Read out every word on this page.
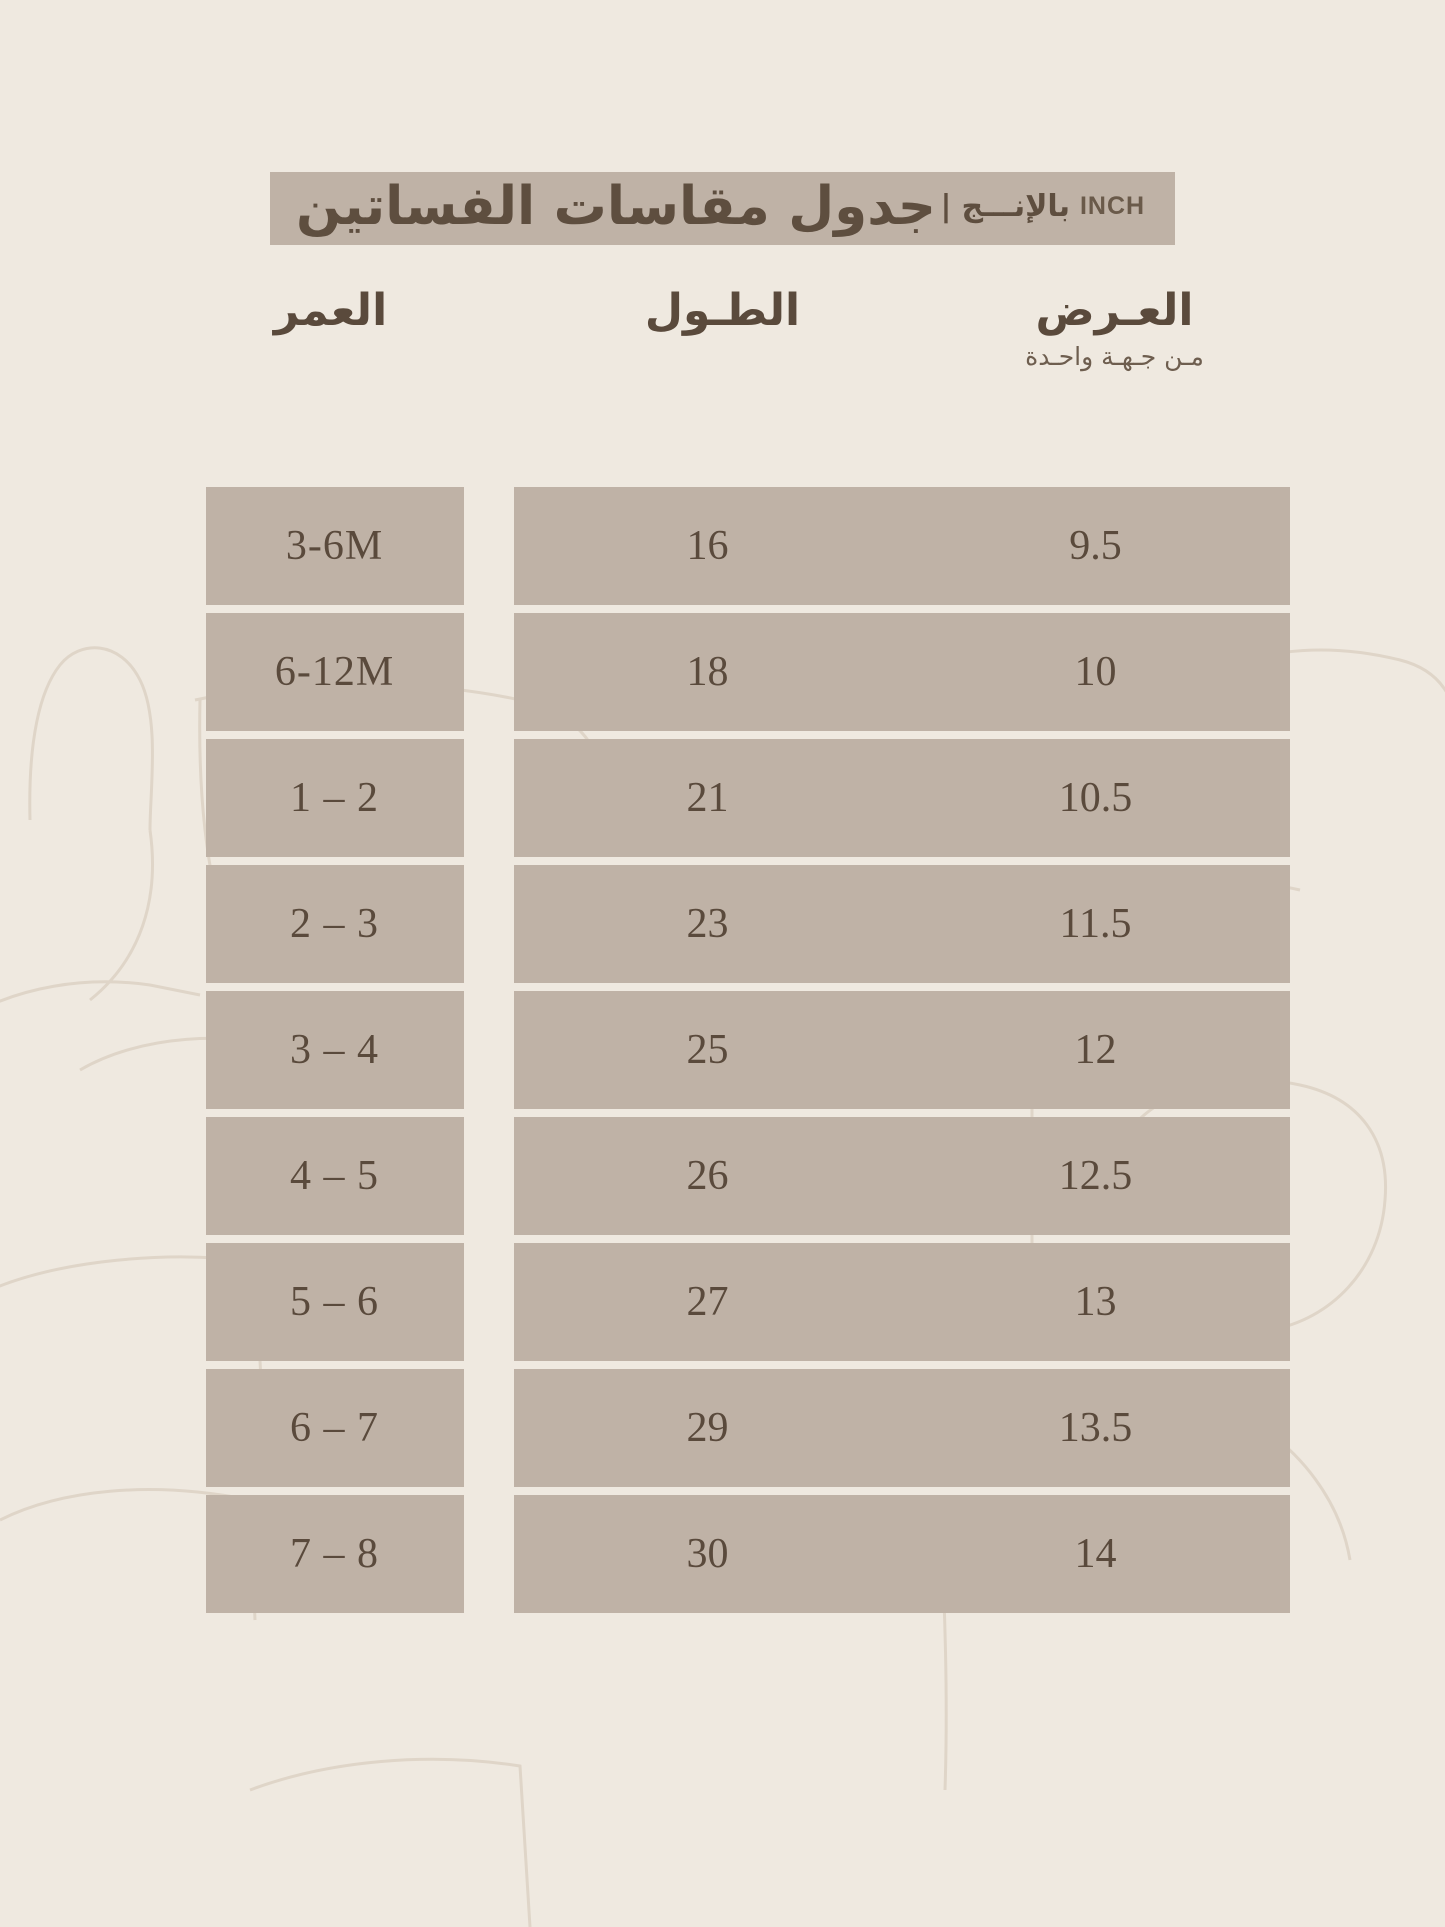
INCHبالإنـــج| جدول مقاسات الفساتين
العـرض
مـن جـهـة واحـدة
الطـول
العمر
9.5
16
3-6M
10
18
6-12M
10.5
21
1 – 2
11.5
23
2 – 3
12
25
3 – 4
12.5
26
4 – 5
13
27
5 – 6
13.5
29
6 – 7
14
30
7 – 8
